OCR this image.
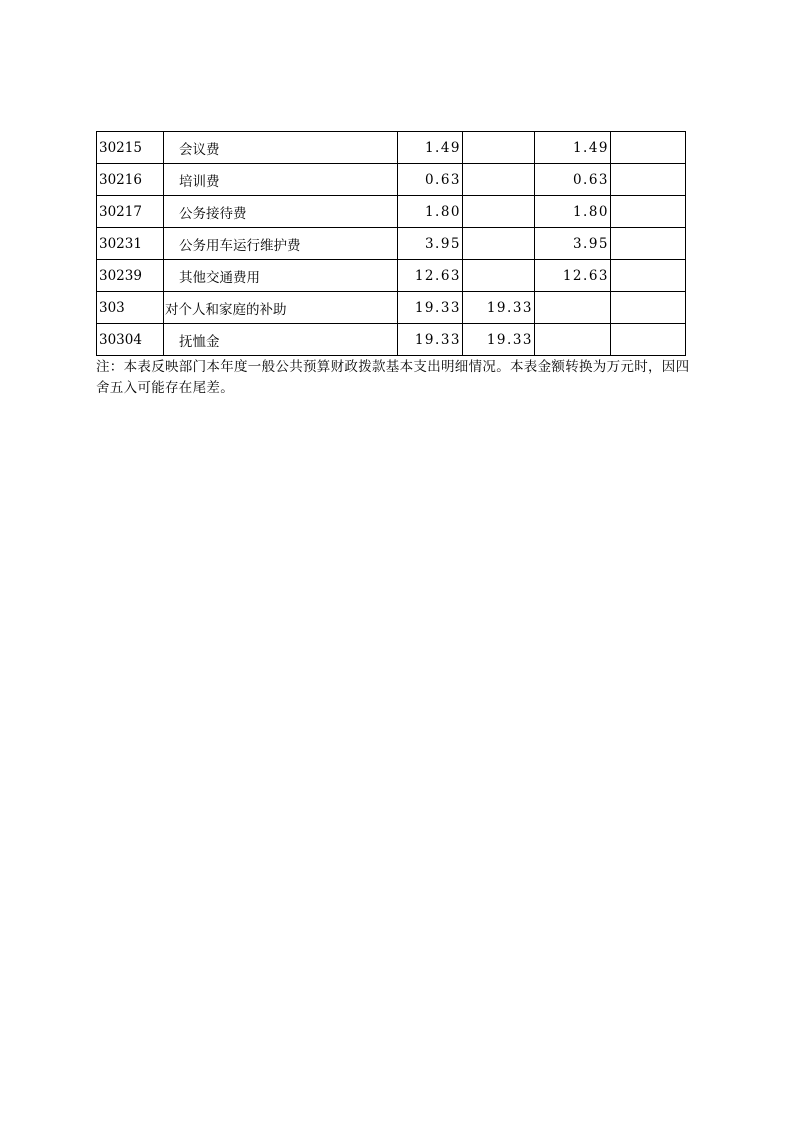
30215	会议费	1.49		1.49	
30216	培训费	0.63		0.63	
30217	公务接待费	1.80		1.80	
30231	公务用车运行维护费	3.95		3.95	
30239	其他交通费用	12.63		12.63	
303	对个人和家庭的补助	19.33	19.33		
30304	抚恤金	19.33	19.33		
注：本表反映部门本年度一般公共预算财政拨款基本支出明细情况。本表金额转换为万元时，因四舍五入可能存在尾差。
